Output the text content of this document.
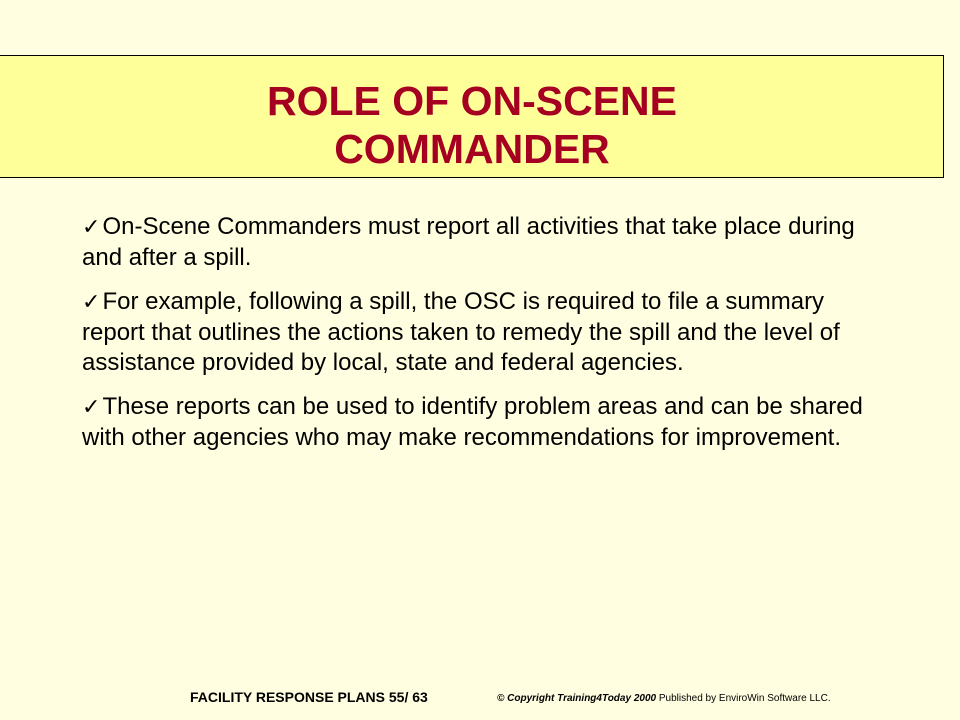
ROLE OF ON-SCENE
COMMANDER
✓On-Scene Commanders must report all activities that take place during and after a spill.
✓For example, following a spill, the OSC is required to file a summary report that outlines the actions taken to remedy the spill and the level of assistance provided by local, state and federal agencies.
✓These reports can be used to identify problem areas and can be shared with other agencies who may make recommendations for improvement.
FACILITY RESPONSE PLANS 55/ 63	© Copyright Training4Today 2000 Published by EnviroWin Software LLC.
